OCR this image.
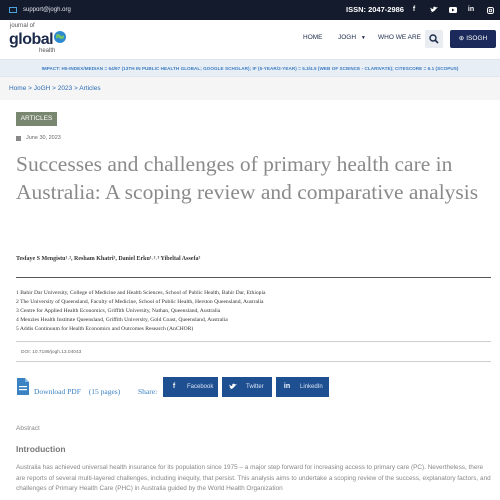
support@jogh.org	ISSN: 2047-2986	f	in
journal of
global
health
HOME JOGH ▼ WHO WE ARE	⊕ ISOGH
IMPACT: H5-INDEX/MEDIAN = 64/97 (13TH IN PUBLIC HEALTH GLOBAL; GOOGLE SCHOLAR); IF (5-YEAR/2-YEAR) = 5.3/4.5 (WEB OF SCIENCE - CLARIVATE); CITESCORE = 6.1 (SCOPUS)
Home > JoGH > 2023 > Articles
ARTICLES
June 30, 2023
Successes and challenges of primary health care in Australia: A scoping review and comparative analysis
Tesfaye S Mengistu¹˒², Resham Khatri³, Daniel Erku¹˒²˒³ Yibeltal Assefa³
1 Bahir Dar University, College of Medicine and Health Sciences, School of Public Health, Bahir Dar, Ethiopia
2 The University of Queensland, Faculty of Medicine, School of Public Health, Herston Queensland, Australia
3 Centre for Applied Health Economics, Griffith University, Nathan, Queensland, Australia
4 Menzies Health Institute Queensland, Griffith University, Gold Coast, Queensland, Australia
5 Addis Continuum for Health Economics and Outcomes Research (AnCHOR)
DOI: 10.7189/jogh.13.04043
Download PDF (15 pages) Share:
f	Facebook	Twitter	in	LinkedIn
Abstract
Introduction

Australia has achieved universal health insurance for its population since 1975 – a major step forward for increasing access to primary care (PC). Nevertheless, there are reports of several multi-layered challenges, including inequity, that persist. This analysis aims to undertake a scoping review of the success, explanatory factors, and challenges of Primary Health Care (PHC) in Australia guided by the World Health Organization
